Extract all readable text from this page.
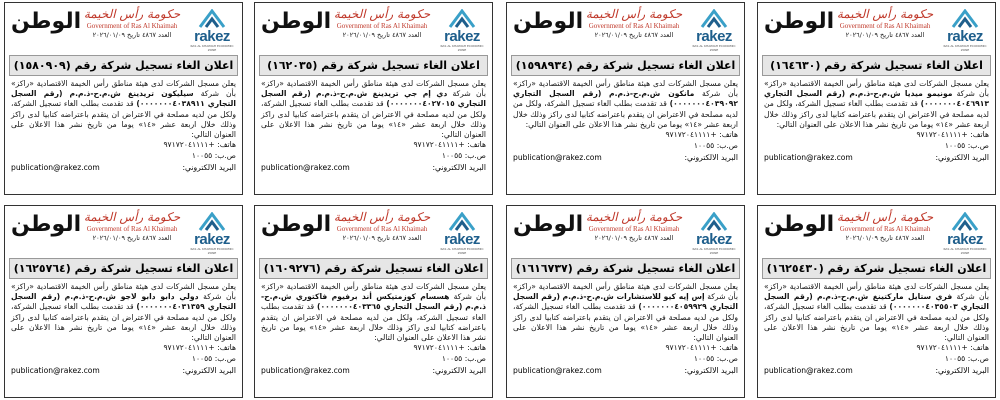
rakez
RAS AL KHAIMAH ECONOMIC ZONE
حكومة رأس الخيمة
Government of Ras Al Khaimah
العدد ٤٨٦٧ تاريخ ٢٠٢٦/٠١/٠٩
الوطن
اعلان الغاء تسجيل شركة رقم (١٦٤٦٣٠)
يعلن مسجل الشركات لدى هيئة مناطق رأس الخيمة الاقتصادية «راكز» بأن شركة مونيمو ميديا ش.م.ح-ذ.م.م (رقم السجل التجاري ٠٠٠٠٠٠٠٤٠٤٦٩١٣) قد تقدمت بطلب الغاء تسجيل الشركة، ولكل من لديه مصلحة في الاعتراض ان يتقدم باعتراضه كتابيا لدى راكز وذلك خلال اربعة عشر «١٤» يوما من تاريخ نشر هذا الاعلان على العنوان التالي:
هاتف: +٩٧١٧٢٠٤١١١١
ص.ب: ١٠٠٥٥
البريد الالكتروني:
publication@rakez.com
rakez
RAS AL KHAIMAH ECONOMIC ZONE
حكومة رأس الخيمة
Government of Ras Al Khaimah
العدد ٤٨٦٧ تاريخ ٢٠٢٦/٠١/٠٩
الوطن
اعلان الغاء تسجيل شركة رقم (١٥٩٨٩٣٤)
يعلن مسجل الشركات لدى هيئة مناطق رأس الخيمة الاقتصادية «راكز» بأن شركة مانكون ش.م.ح-ذ.م.م (رقم السجل التجاري ٠٠٠٠٠٠٠٤٠٣٩٠٩٢) قد تقدمت بطلب الغاء تسجيل الشركة، ولكل من لديه مصلحة في الاعتراض ان يتقدم باعتراضه كتابيا لدى راكز وذلك خلال اربعة عشر «١٤» يوما من تاريخ نشر هذا الاعلان على العنوان التالي:
هاتف: +٩٧١٧٢٠٤١١١١
ص.ب: ١٠٠٥٥
البريد الالكتروني:
publication@rakez.com
rakez
RAS AL KHAIMAH ECONOMIC ZONE
حكومة رأس الخيمة
Government of Ras Al Khaimah
العدد ٤٨٦٧ تاريخ ٢٠٢٦/٠١/٠٩
الوطن
اعلان الغاء تسجيل شركة رقم (١٦٢٠٣٥)
يعلن مسجل الشركات لدى هيئة مناطق رأس الخيمة الاقتصادية «راكز» بأن شركة دي إم جي تريدينغ ش.م.ح-ذ.م.م (رقم السجل التجاري ٠٠٠٠٠٠٠٤٠٢٧٠١٥) قد تقدمت بطلب الغاء تسجيل الشركة، ولكل من لديه مصلحة في الاعتراض ان يتقدم باعتراضه كتابيا لدى راكز وذلك خلال اربعة عشر «١٤» يوما من تاريخ نشر هذا الاعلان على العنوان التالي:
هاتف: +٩٧١٧٢٠٤١١١١
ص.ب: ١٠٠٥٥
البريد الالكتروني:
publication@rakez.com
rakez
RAS AL KHAIMAH ECONOMIC ZONE
حكومة رأس الخيمة
Government of Ras Al Khaimah
العدد ٤٨٦٧ تاريخ ٢٠٢٦/٠١/٠٩
الوطن
اعلان الغاء تسجيل شركة رقم (١٥٨٠٩٠٩)
يعلن مسجل الشركات لدى هيئة مناطق رأس الخيمة الاقتصادية «راكز» بأن شركة سيليكون تريدينغ ش.م.ح-ذ.م.م (رقم السجل التجاري ٠٠٠٠٠٠٠٤٠٣٨٩١١) قد تقدمت بطلب الغاء تسجيل الشركة، ولكل من لديه مصلحة في الاعتراض ان يتقدم باعتراضه كتابيا لدى راكز وذلك خلال اربعة عشر «١٤» يوما من تاريخ نشر هذا الاعلان على العنوان التالي:
هاتف: +٩٧١٧٢٠٤١١١١
ص.ب: ١٠٠٥٥
البريد الالكتروني:
publication@rakez.com
rakez
RAS AL KHAIMAH ECONOMIC ZONE
حكومة رأس الخيمة
Government of Ras Al Khaimah
العدد ٤٨٦٧ تاريخ ٢٠٢٦/٠١/٠٩
الوطن
اعلان الغاء تسجيل شركة رقم (١٦٢٥٤٣٠)
يعلن مسجل الشركات لدى هيئة مناطق رأس الخيمة الاقتصادية «راكز» بأن شركة فري ستايل ماركتينغ ش.م.ح-ذ.م.م (رقم السجل التجاري ٠٠٠٠٠٠٠٤٠٣٥٥٠٣) قد تقدمت بطلب الغاء تسجيل الشركة، ولكل من لديه مصلحة في الاعتراض ان يتقدم باعتراضه كتابيا لدى راكز وذلك خلال اربعة عشر «١٤» يوما من تاريخ نشر هذا الاعلان على العنوان التالي:
هاتف: +٩٧١٧٢٠٤١١١١
ص.ب: ١٠٠٥٥
البريد الالكتروني:
publication@rakez.com
rakez
RAS AL KHAIMAH ECONOMIC ZONE
حكومة رأس الخيمة
Government of Ras Al Khaimah
العدد ٤٨٦٧ تاريخ ٢٠٢٦/٠١/٠٩
الوطن
اعلان الغاء تسجيل شركة رقم (١٦١٦٧٣٧)
يعلن مسجل الشركات لدى هيئة مناطق رأس الخيمة الاقتصادية «راكز» بأن شركة إس إيه كيو للاستشارات ش.م.ح-ذ.م.م (رقم السجل التجاري ٠٠٠٠٠٠٠٤٠٥٩٩٢٩) قد تقدمت بطلب الغاء تسجيل الشركة، ولكل من لديه مصلحة في الاعتراض ان يتقدم باعتراضه كتابيا لدى راكز وذلك خلال اربعة عشر «١٤» يوما من تاريخ نشر هذا الاعلان على العنوان التالي:
هاتف: +٩٧١٧٢٠٤١١١١
ص.ب: ١٠٠٥٥
البريد الالكتروني:
publication@rakez.com
rakez
RAS AL KHAIMAH ECONOMIC ZONE
حكومة رأس الخيمة
Government of Ras Al Khaimah
العدد ٤٨٦٧ تاريخ ٢٠٢٦/٠١/٠٩
الوطن
اعلان الغاء تسجيل شركة رقم (١٦٠٩٢٧٦)
يعلن مسجل الشركات لدى هيئة مناطق رأس الخيمة الاقتصادية «راكز» بأن شركة هسسام كوزمتيكس أند برفيوم فاكتوري ش.م.ح-ذ.م.م (رقم السجل التجاري ٠٠٠٠٠٠٠٤٠٣٣٦٥) قد تقدمت بطلب الغاء تسجيل الشركة، ولكل من لديه مصلحة في الاعتراض ان يتقدم باعتراضه كتابيا لدى راكز وذلك خلال اربعة عشر «١٤» يوما من تاريخ نشر هذا الاعلان على العنوان التالي:
هاتف: +٩٧١٧٢٠٤١١١١
ص.ب: ١٠٠٥٥
البريد الالكتروني:
publication@rakez.com
rakez
RAS AL KHAIMAH ECONOMIC ZONE
حكومة رأس الخيمة
Government of Ras Al Khaimah
العدد ٤٨٦٧ تاريخ ٢٠٢٦/٠١/٠٩
الوطن
اعلان الغاء تسجيل شركة رقم (١٦٢٥٧٦٤)
يعلن مسجل الشركات لدى هيئة مناطق رأس الخيمة الاقتصادية «راكز» بأن شركة دولي دابو دابو لاجو ش.م.ح-ذ.م.م (رقم السجل التجاري ٠٠٠٠٠٠٠٤٠٣١٣٥٩) قد تقدمت بطلب الغاء تسجيل الشركة، ولكل من لديه مصلحة في الاعتراض ان يتقدم باعتراضه كتابيا لدى راكز وذلك خلال اربعة عشر «١٤» يوما من تاريخ نشر هذا الاعلان على العنوان التالي:
هاتف: +٩٧١٧٢٠٤١١١١
ص.ب: ١٠٠٥٥
البريد الالكتروني:
publication@rakez.com
